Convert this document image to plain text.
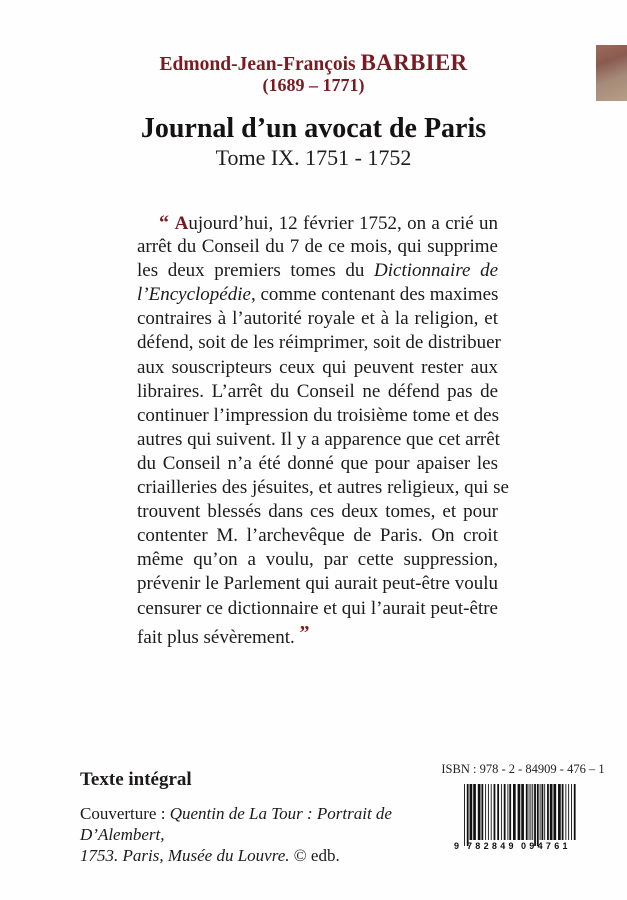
Edmond-Jean-François BARBIER
(1689 – 1771)
Journal d’un avocat de Paris
Tome IX. 1751 - 1752
“ Aujourd’hui, 12 février 1752, on a crié un
arrêt du Conseil du 7 de ce mois, qui supprime
les deux premiers tomes du Dictionnaire de
l’Encyclopédie, comme contenant des maximes
contraires à l’autorité royale et à la religion, et
défend, soit de les réimprimer, soit de distribuer
aux souscripteurs ceux qui peuvent rester aux
libraires. L’arrêt du Conseil ne défend pas de
continuer l’impression du troisième tome et des
autres qui suivent. Il y a apparence que cet arrêt
du Conseil n’a été donné que pour apaiser les
criailleries des jésuites, et autres religieux, qui se
trouvent blessés dans ces deux tomes, et pour
contenter M. l’archevêque de Paris. On croit
même qu’on a voulu, par cette suppression,
prévenir le Parlement qui aurait peut-être voulu
censurer ce dictionnaire et qui l’aurait peut-être
fait plus sévèrement. ”
Texte intégral
Couverture : Quentin de La Tour : Portrait de D’Alembert,
1753. Paris, Musée du Louvre. © edb.
ISBN : 978 - 2 - 84909 - 476 – 1
9 7 8 2 8 4 9 0 9 4 7 6 1
